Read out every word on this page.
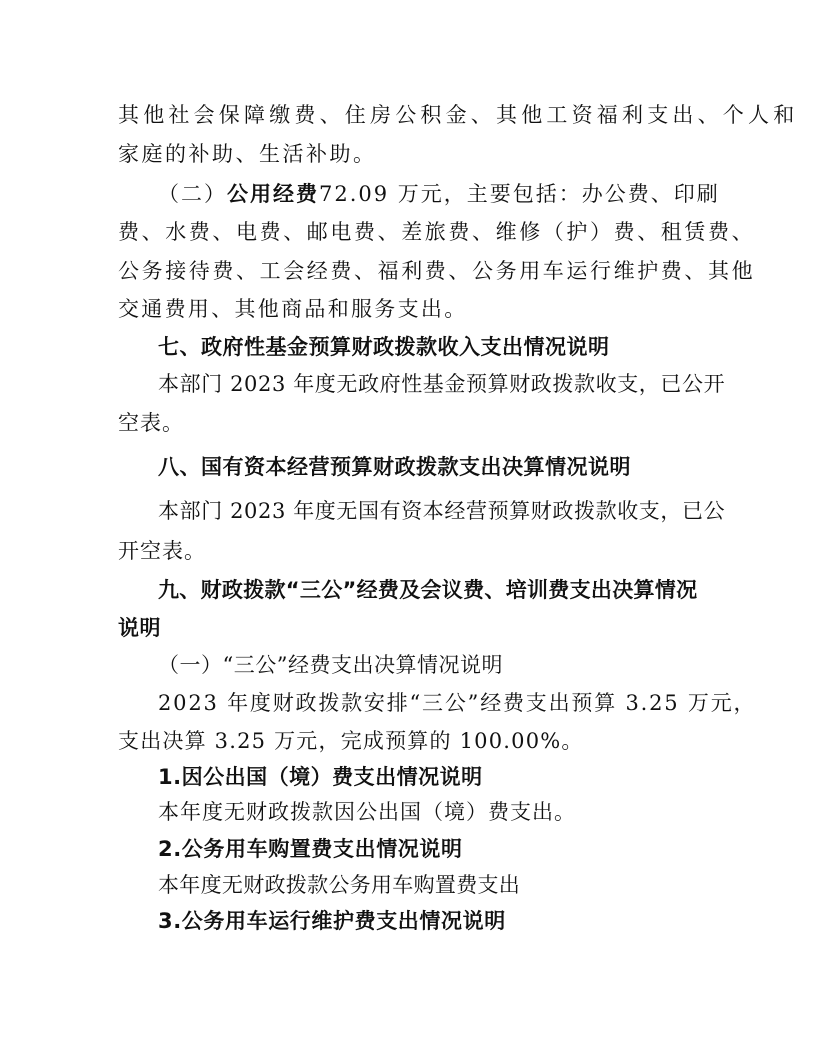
其他社会保障缴费、住房公积金、其他工资福利支出、个人和

家庭的补助、生活补助。

（二）公用经费72.09 万元，主要包括：办公费、印刷

费、水费、电费、邮电费、差旅费、维修（护）费、租赁费、

公务接待费、工会经费、福利费、公务用车运行维护费、其他

交通费用、其他商品和服务支出。

七、政府性基金预算财政拨款收入支出情况说明

本部门 2023 年度无政府性基金预算财政拨款收支，已公开

空表。

八、国有资本经营预算财政拨款支出决算情况说明

本部门 2023 年度无国有资本经营预算财政拨款收支，已公

开空表。

九、财政拨款“三公”经费及会议费、培训费支出决算情况

说明

（一）“三公”经费支出决算情况说明

2023 年度财政拨款安排“三公”经费支出预算 3.25 万元，

支出决算 3.25 万元，完成预算的 100.00%。

1.因公出国（境）费支出情况说明

本年度无财政拨款因公出国（境）费支出。

2.公务用车购置费支出情况说明

本年度无财政拨款公务用车购置费支出

3.公务用车运行维护费支出情况说明
